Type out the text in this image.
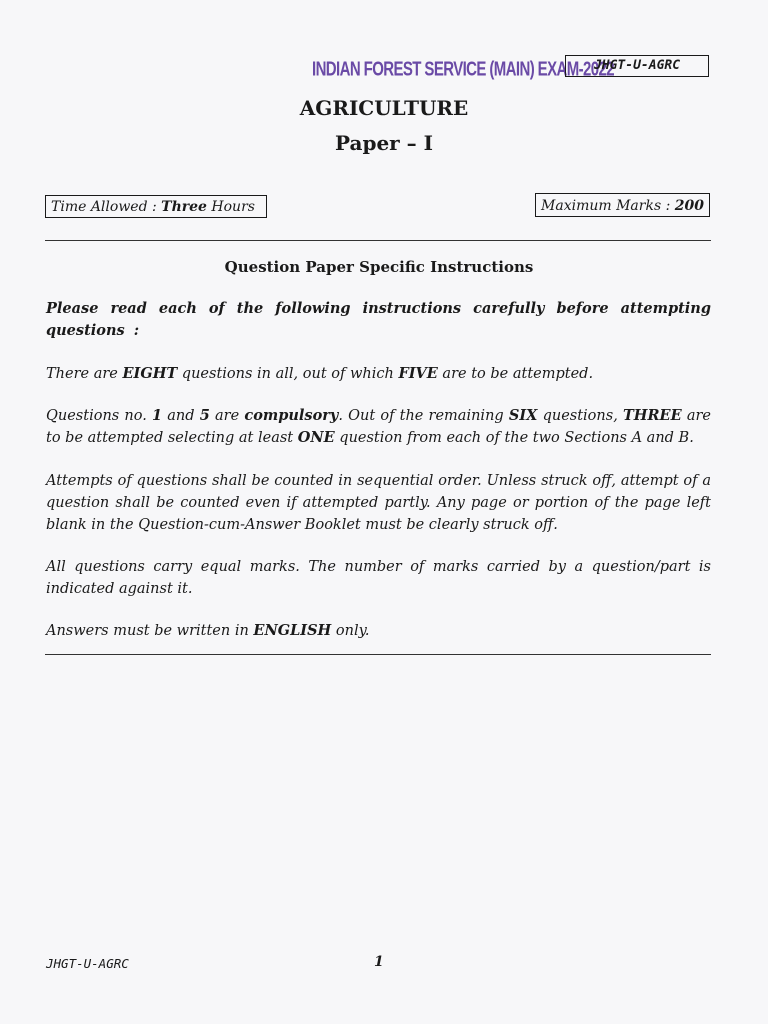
INDIAN FOREST SERVICE (MAIN) EXAM-2022
JHGT-U-AGRC
AGRICULTURE
Paper – I
Time Allowed : Three Hours	Maximum Marks : 200
Question Paper Specific Instructions
Please read each of the following instructions carefully before attempting questions :
There are EIGHT questions in all, out of which FIVE are to be attempted.
Questions no. 1 and 5 are compulsory. Out of the remaining SIX questions, THREE are to be attempted selecting at least ONE question from each of the two Sections A and B.
Attempts of questions shall be counted in sequential order. Unless struck off, attempt of a question shall be counted even if attempted partly. Any page or portion of the page left blank in the Question-cum-Answer Booklet must be clearly struck off.
All questions carry equal marks. The number of marks carried by a question/part is indicated against it.
Answers must be written in ENGLISH only.
JHGT-U-AGRC	1
